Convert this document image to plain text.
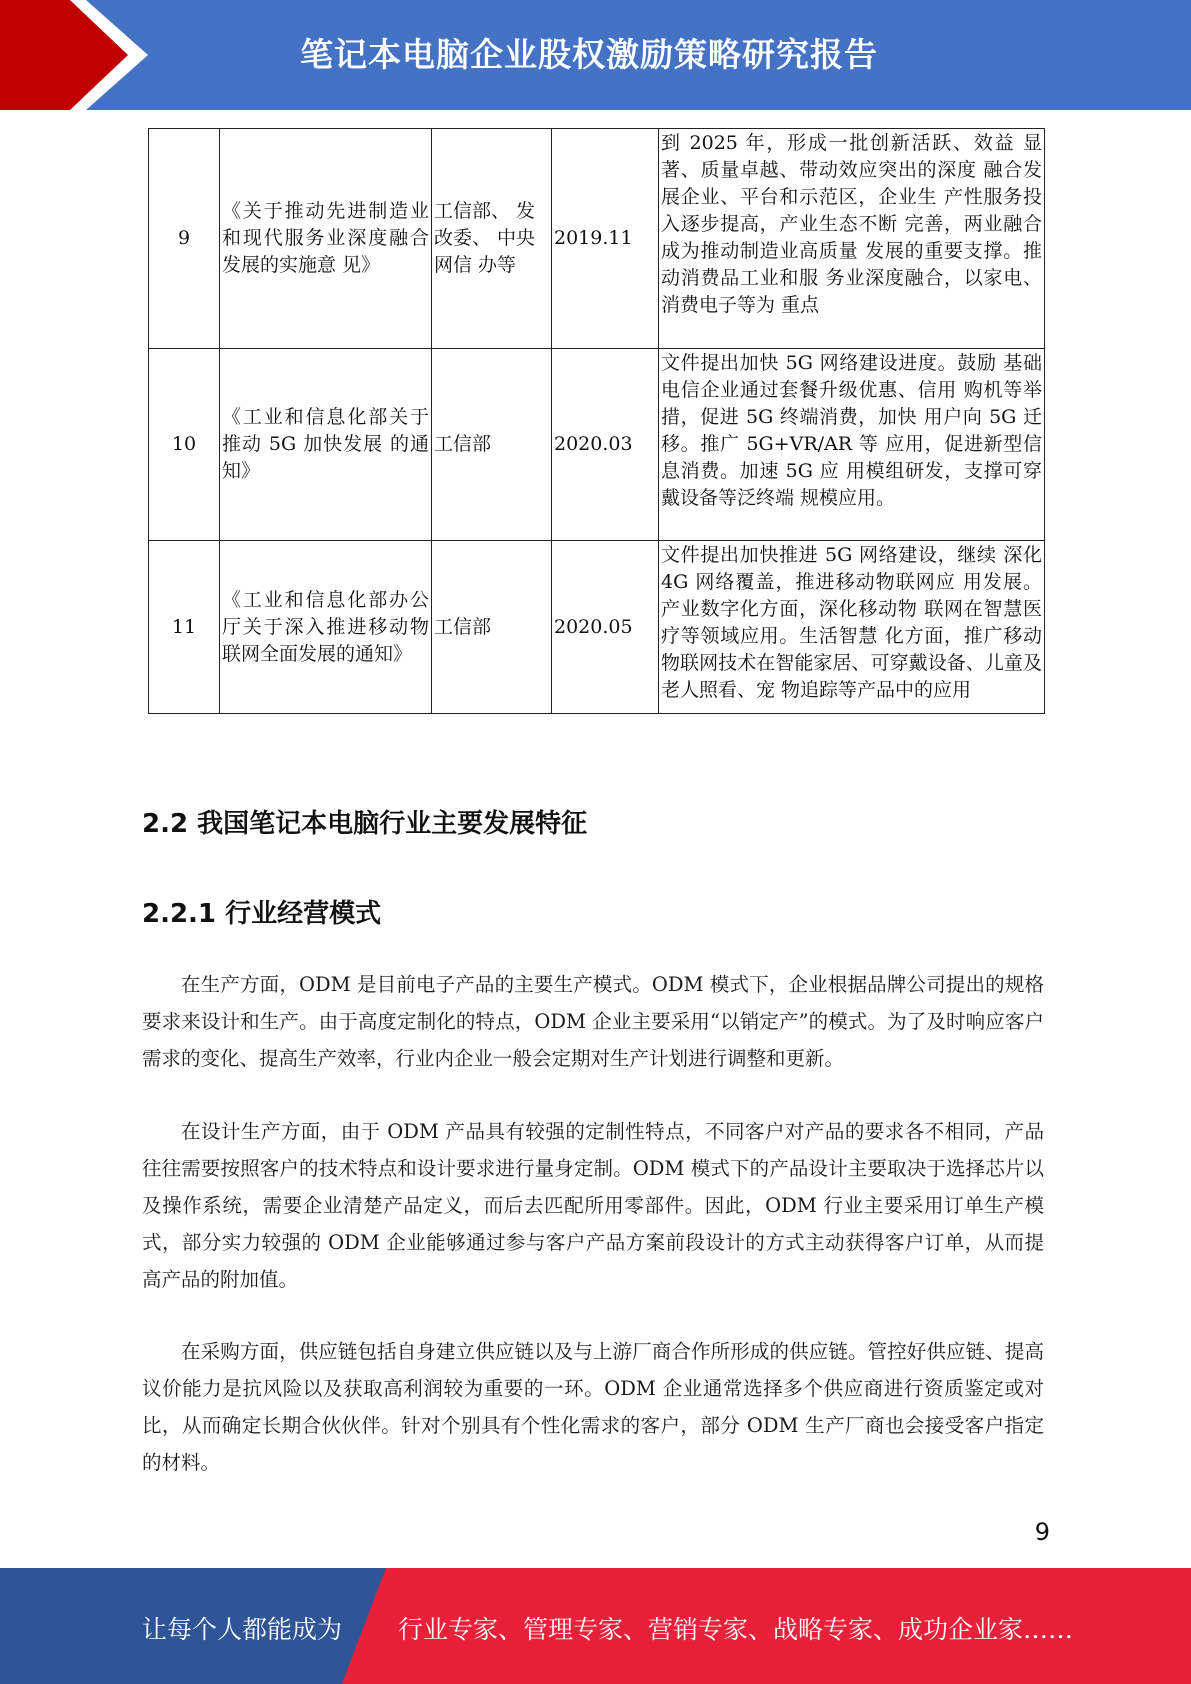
笔记本电脑企业股权激励策略研究报告
9	《关于推动先进制造业和现代服务业深度融合发展的实施意 见》	工信部、 发改委、 中央网信 办等	2019.11	到 2025 年，形成一批创新活跃、效益 显著、质量卓越、带动效应突出的深度 融合发展企业、平台和示范区，企业生 产性服务投入逐步提高，产业生态不断 完善，两业融合成为推动制造业高质量 发展的重要支撑。推动消费品工业和服 务业深度融合，以家电、消费电子等为 重点
10	《工业和信息化部关于推动 5G 加快发展 的通知》	工信部	2020.03	文件提出加快 5G 网络建设进度。鼓励 基础电信企业通过套餐升级优惠、信用 购机等举措，促进 5G 终端消费，加快 用户向 5G 迁移。推广 5G+VR/AR 等 应用，促进新型信息消费。加速 5G 应 用模组研发，支撑可穿戴设备等泛终端 规模应用。
11	《工业和信息化部办公厅关于深入推进移动物联网全面发展的通知》	工信部	2020.05	文件提出加快推进 5G 网络建设，继续 深化 4G 网络覆盖，推进移动物联网应 用发展。产业数字化方面，深化移动物 联网在智慧医疗等领域应用。生活智慧 化方面，推广移动物联网技术在智能家居、可穿戴设备、儿童及老人照看、宠 物追踪等产品中的应用
2.2 我国笔记本电脑行业主要发展特征
2.2.1 行业经营模式

在生产方面，ODM 是目前电子产品的主要生产模式。ODM 模式下，企业根据品牌公司提出的规格要求来设计和生产。由于高度定制化的特点，ODM 企业主要采用“以销定产”的模式。为了及时响应客户需求的变化、提高生产效率，行业内企业一般会定期对生产计划进行调整和更新。

在设计生产方面，由于 ODM 产品具有较强的定制性特点，不同客户对产品的要求各不相同，产品往往需要按照客户的技术特点和设计要求进行量身定制。ODM 模式下的产品设计主要取决于选择芯片以及操作系统，需要企业清楚产品定义，而后去匹配所用零部件。因此，ODM 行业主要采用订单生产模式，部分实力较强的 ODM 企业能够通过参与客户产品方案前段设计的方式主动获得客户订单，从而提高产品的附加值。

在采购方面，供应链包括自身建立供应链以及与上游厂商合作所形成的供应链。管控好供应链、提高议价能力是抗风险以及获取高利润较为重要的一环。ODM 企业通常选择多个供应商进行资质鉴定或对比，从而确定长期合伙伙伴。针对个别具有个性化需求的客户，部分 ODM 生产厂商也会接受客户指定的材料。

9
让每个人都能成为 行业专家、管理专家、营销专家、战略专家、成功企业家……
